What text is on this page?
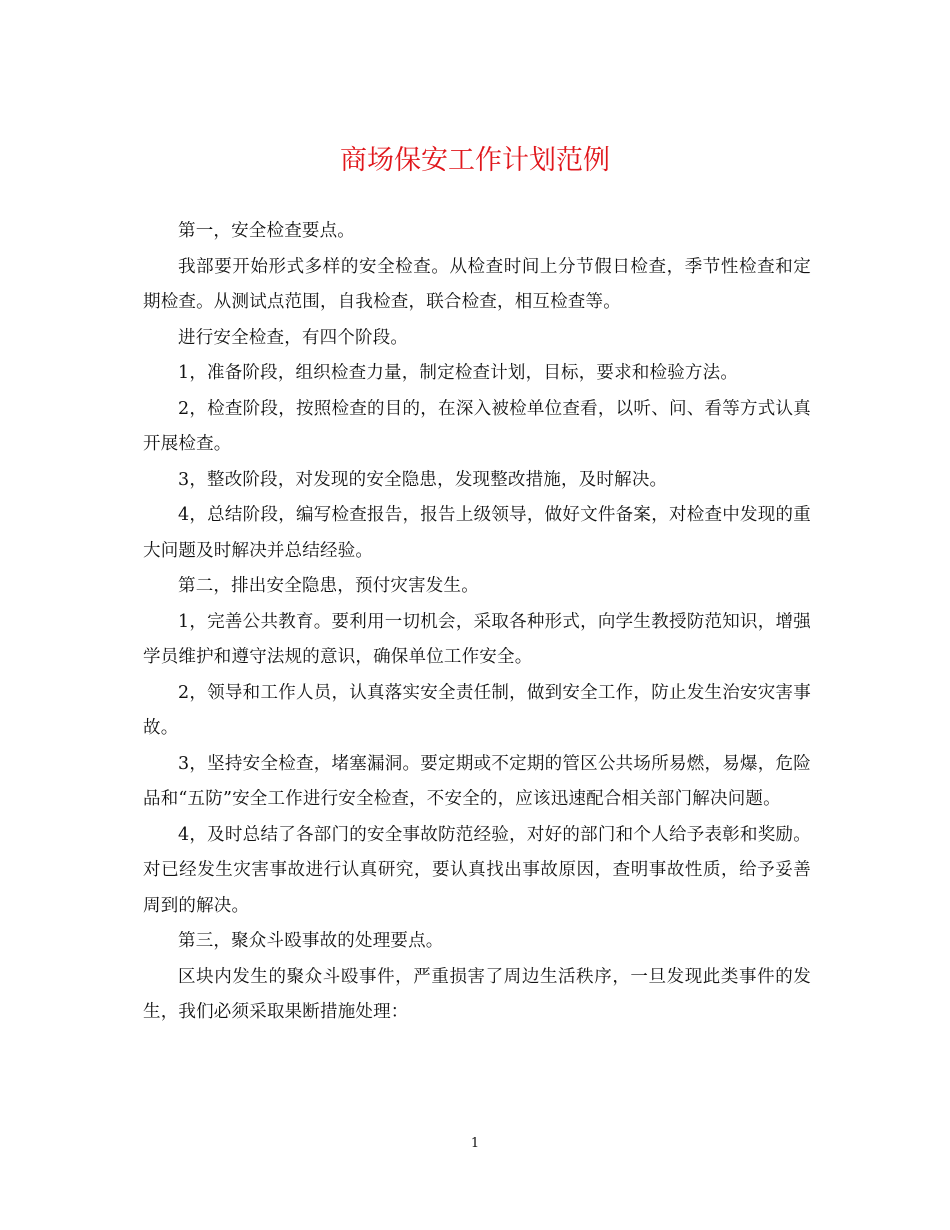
商场保安工作计划范例

第一，安全检查要点。

我部要开始形式多样的安全检查。从检查时间上分节假日检查，季节性检查和定期检查。从测试点范围，自我检查，联合检查，相互检查等。

进行安全检查，有四个阶段。

1，准备阶段，组织检查力量，制定检查计划，目标，要求和检验方法。

2，检查阶段，按照检查的目的，在深入被检单位查看，以听、问、看等方式认真开展检查。

3，整改阶段，对发现的安全隐患，发现整改措施，及时解决。

4，总结阶段，编写检查报告，报告上级领导，做好文件备案，对检查中发现的重大问题及时解决并总结经验。

第二，排出安全隐患，预付灾害发生。

1，完善公共教育。要利用一切机会，采取各种形式，向学生教授防范知识，增强学员维护和遵守法规的意识，确保单位工作安全。

2，领导和工作人员，认真落实安全责任制，做到安全工作，防止发生治安灾害事故。

3，坚持安全检查，堵塞漏洞。要定期或不定期的管区公共场所易燃，易爆，危险品和“五防”安全工作进行安全检查，不安全的，应该迅速配合相关部门解决问题。

4，及时总结了各部门的安全事故防范经验，对好的部门和个人给予表彰和奖励。对已经发生灾害事故进行认真研究，要认真找出事故原因，查明事故性质，给予妥善周到的解决。

第三，聚众斗殴事故的处理要点。

区块内发生的聚众斗殴事件，严重损害了周边生活秩序，一旦发现此类事件的发生，我们必须采取果断措施处理：

1
